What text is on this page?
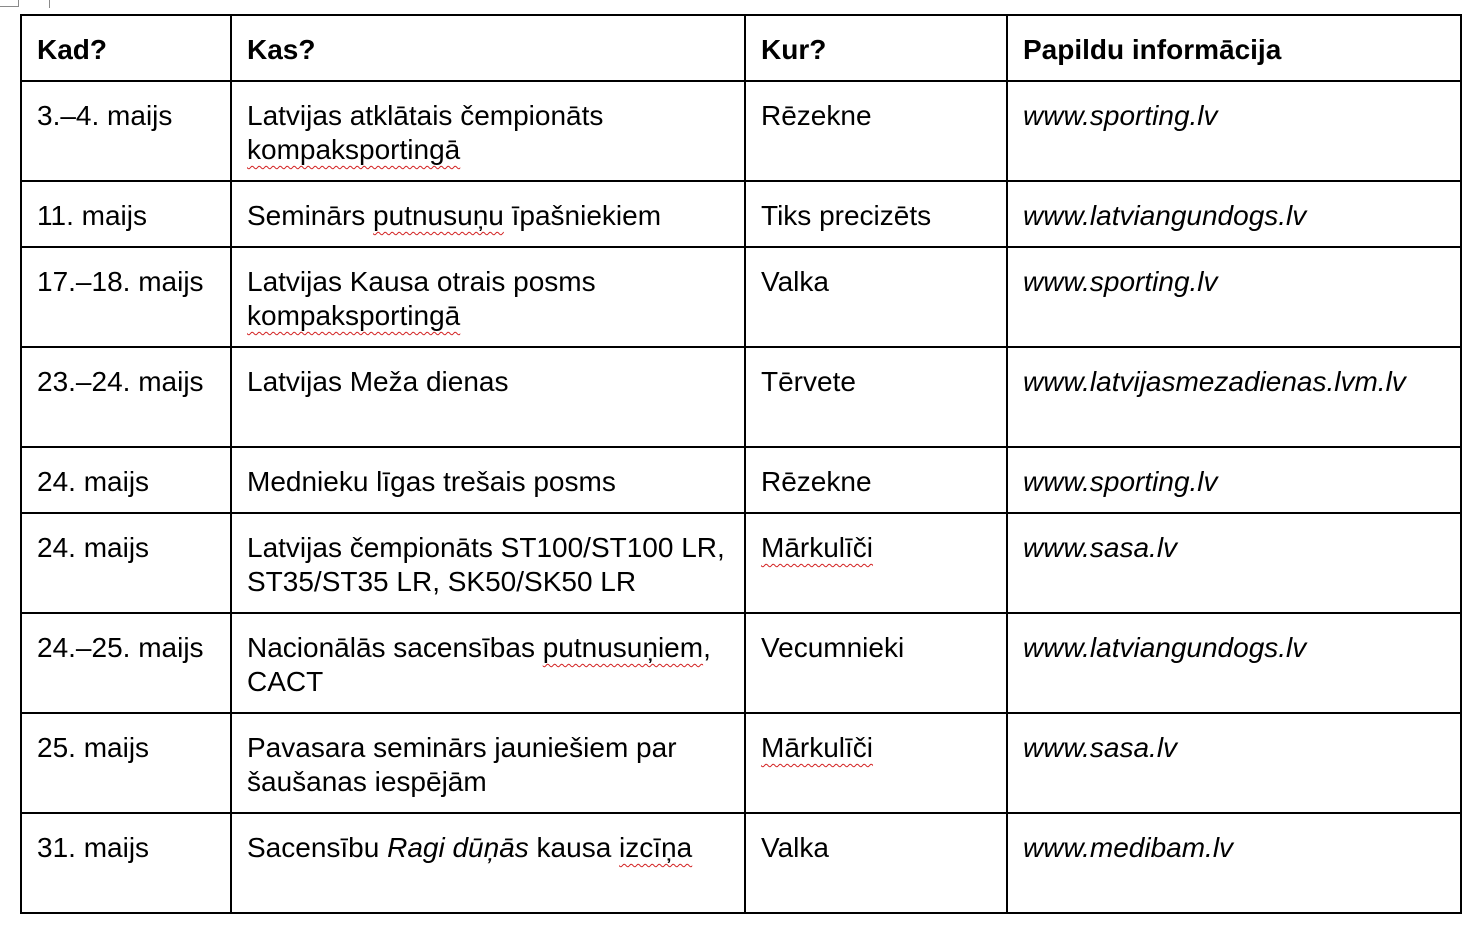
Kad?	Kas?	Kur?	Papildu informācija
3.–4. maijs	Latvijas atklātais čempionāts kompaksportingā	Rēzekne	www.sporting.lv
11. maijs	Seminārs putnusuņu īpašniekiem	Tiks precizēts	www.latviangundogs.lv
17.–18. maijs	Latvijas Kausa otrais posms kompaksportingā	Valka	www.sporting.lv
23.–24. maijs	Latvijas Meža dienas	Tērvete	www.latvijasmezadienas.lvm.lv
24. maijs	Mednieku līgas trešais posms	Rēzekne	www.sporting.lv
24. maijs	Latvijas čempionāts ST100/ST100 LR, ST35/ST35 LR, SK50/SK50 LR	Mārkulīči	www.sasa.lv
24.–25. maijs	Nacionālās sacensības putnusuņiem, CACT	Vecumnieki	www.latviangundogs.lv
25. maijs	Pavasara seminārs jauniešiem par šaušanas iespējām	Mārkulīči	www.sasa.lv
31. maijs	Sacensību Ragi dūņās kausa izcīņa	Valka	www.medibam.lv
